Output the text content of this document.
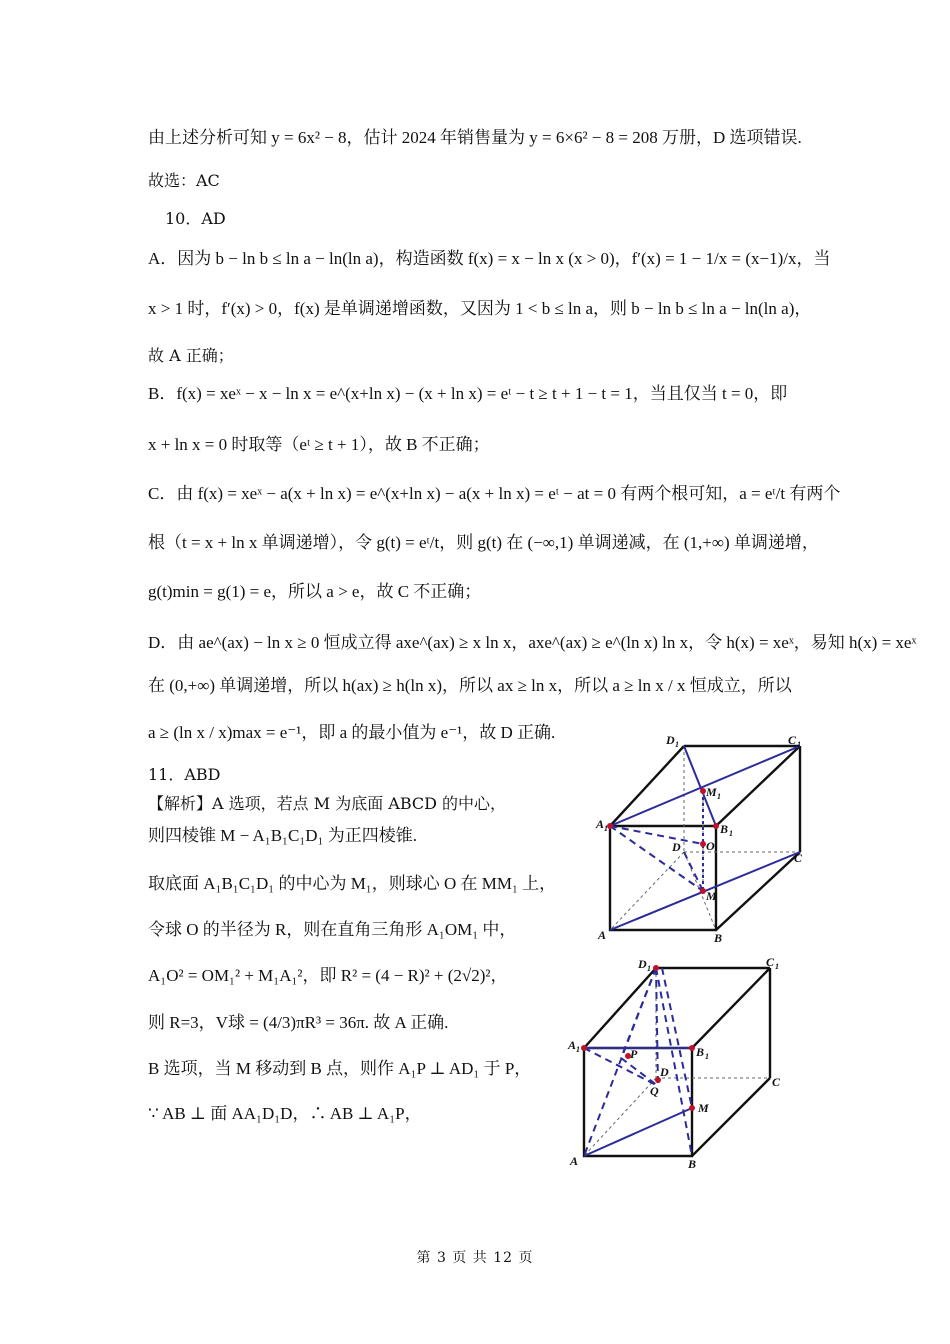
由上述分析可知 y = 6x² − 8，估计 2024 年销售量为 y = 6×6² − 8 = 208 万册，D 选项错误.
故选：AC
10．AD
A．因为 b − ln b ≤ ln a − ln(ln a)，构造函数 f(x) = x − ln x (x > 0)，f′(x) = 1 − 1/x = (x−1)/x，当
x > 1 时，f′(x) > 0，f(x) 是单调递增函数，又因为 1 < b ≤ ln a，则 b − ln b ≤ ln a − ln(ln a)，
故 A 正确；
B．f(x) = xeˣ − x − ln x = e^(x+ln x) − (x + ln x) = eᵗ − t ≥ t + 1 − t = 1，当且仅当 t = 0，即
x + ln x = 0 时取等（eᵗ ≥ t + 1），故 B 不正确；
C．由 f(x) = xeˣ − a(x + ln x) = e^(x+ln x) − a(x + ln x) = eᵗ − at = 0 有两个根可知，a = eᵗ/t 有两个
根（t = x + ln x 单调递增），令 g(t) = eᵗ/t，则 g(t) 在 (−∞,1) 单调递减，在 (1,+∞) 单调递增，
g(t)min = g(1) = e，所以 a > e，故 C 不正确；
D．由 ae^(ax) − ln x ≥ 0 恒成立得 axe^(ax) ≥ x ln x，axe^(ax) ≥ e^(ln x) ln x，令 h(x) = xeˣ，易知 h(x) = xeˣ
在 (0,+∞) 单调递增，所以 h(ax) ≥ h(ln x)，所以 ax ≥ ln x，所以 a ≥ ln x / x 恒成立，所以
a ≥ (ln x / x)max = e⁻¹，即 a 的最小值为 e⁻¹，故 D 正确.
11．ABD
【解析】A 选项，若点 M 为底面 ABCD 的中心，
则四棱锥 M − A₁B₁C₁D₁ 为正四棱锥.
取底面 A₁B₁C₁D₁ 的中心为 M₁，则球心 O 在 MM₁ 上，
令球 O 的半径为 R，则在直角三角形 A₁OM₁ 中，
A₁O² = OM₁² + M₁A₁²，即 R² = (4 − R)² + (2√2)²，
则 R=3，V球 = (4/3)πR³ = 36π. 故 A 正确.
B 选项，当 M 移动到 B 点，则作 A₁P ⊥ AD₁ 于 P，
∵ AB ⊥ 面 AA₁D₁D，∴ AB ⊥ A₁P，
D 1	C 1
M 1
A 1	B 1
D O
C
M
A	B
D 1	C 1
A 1	B 1
P
D
Q
C
M
A	B
第 3 页 共 12 页
